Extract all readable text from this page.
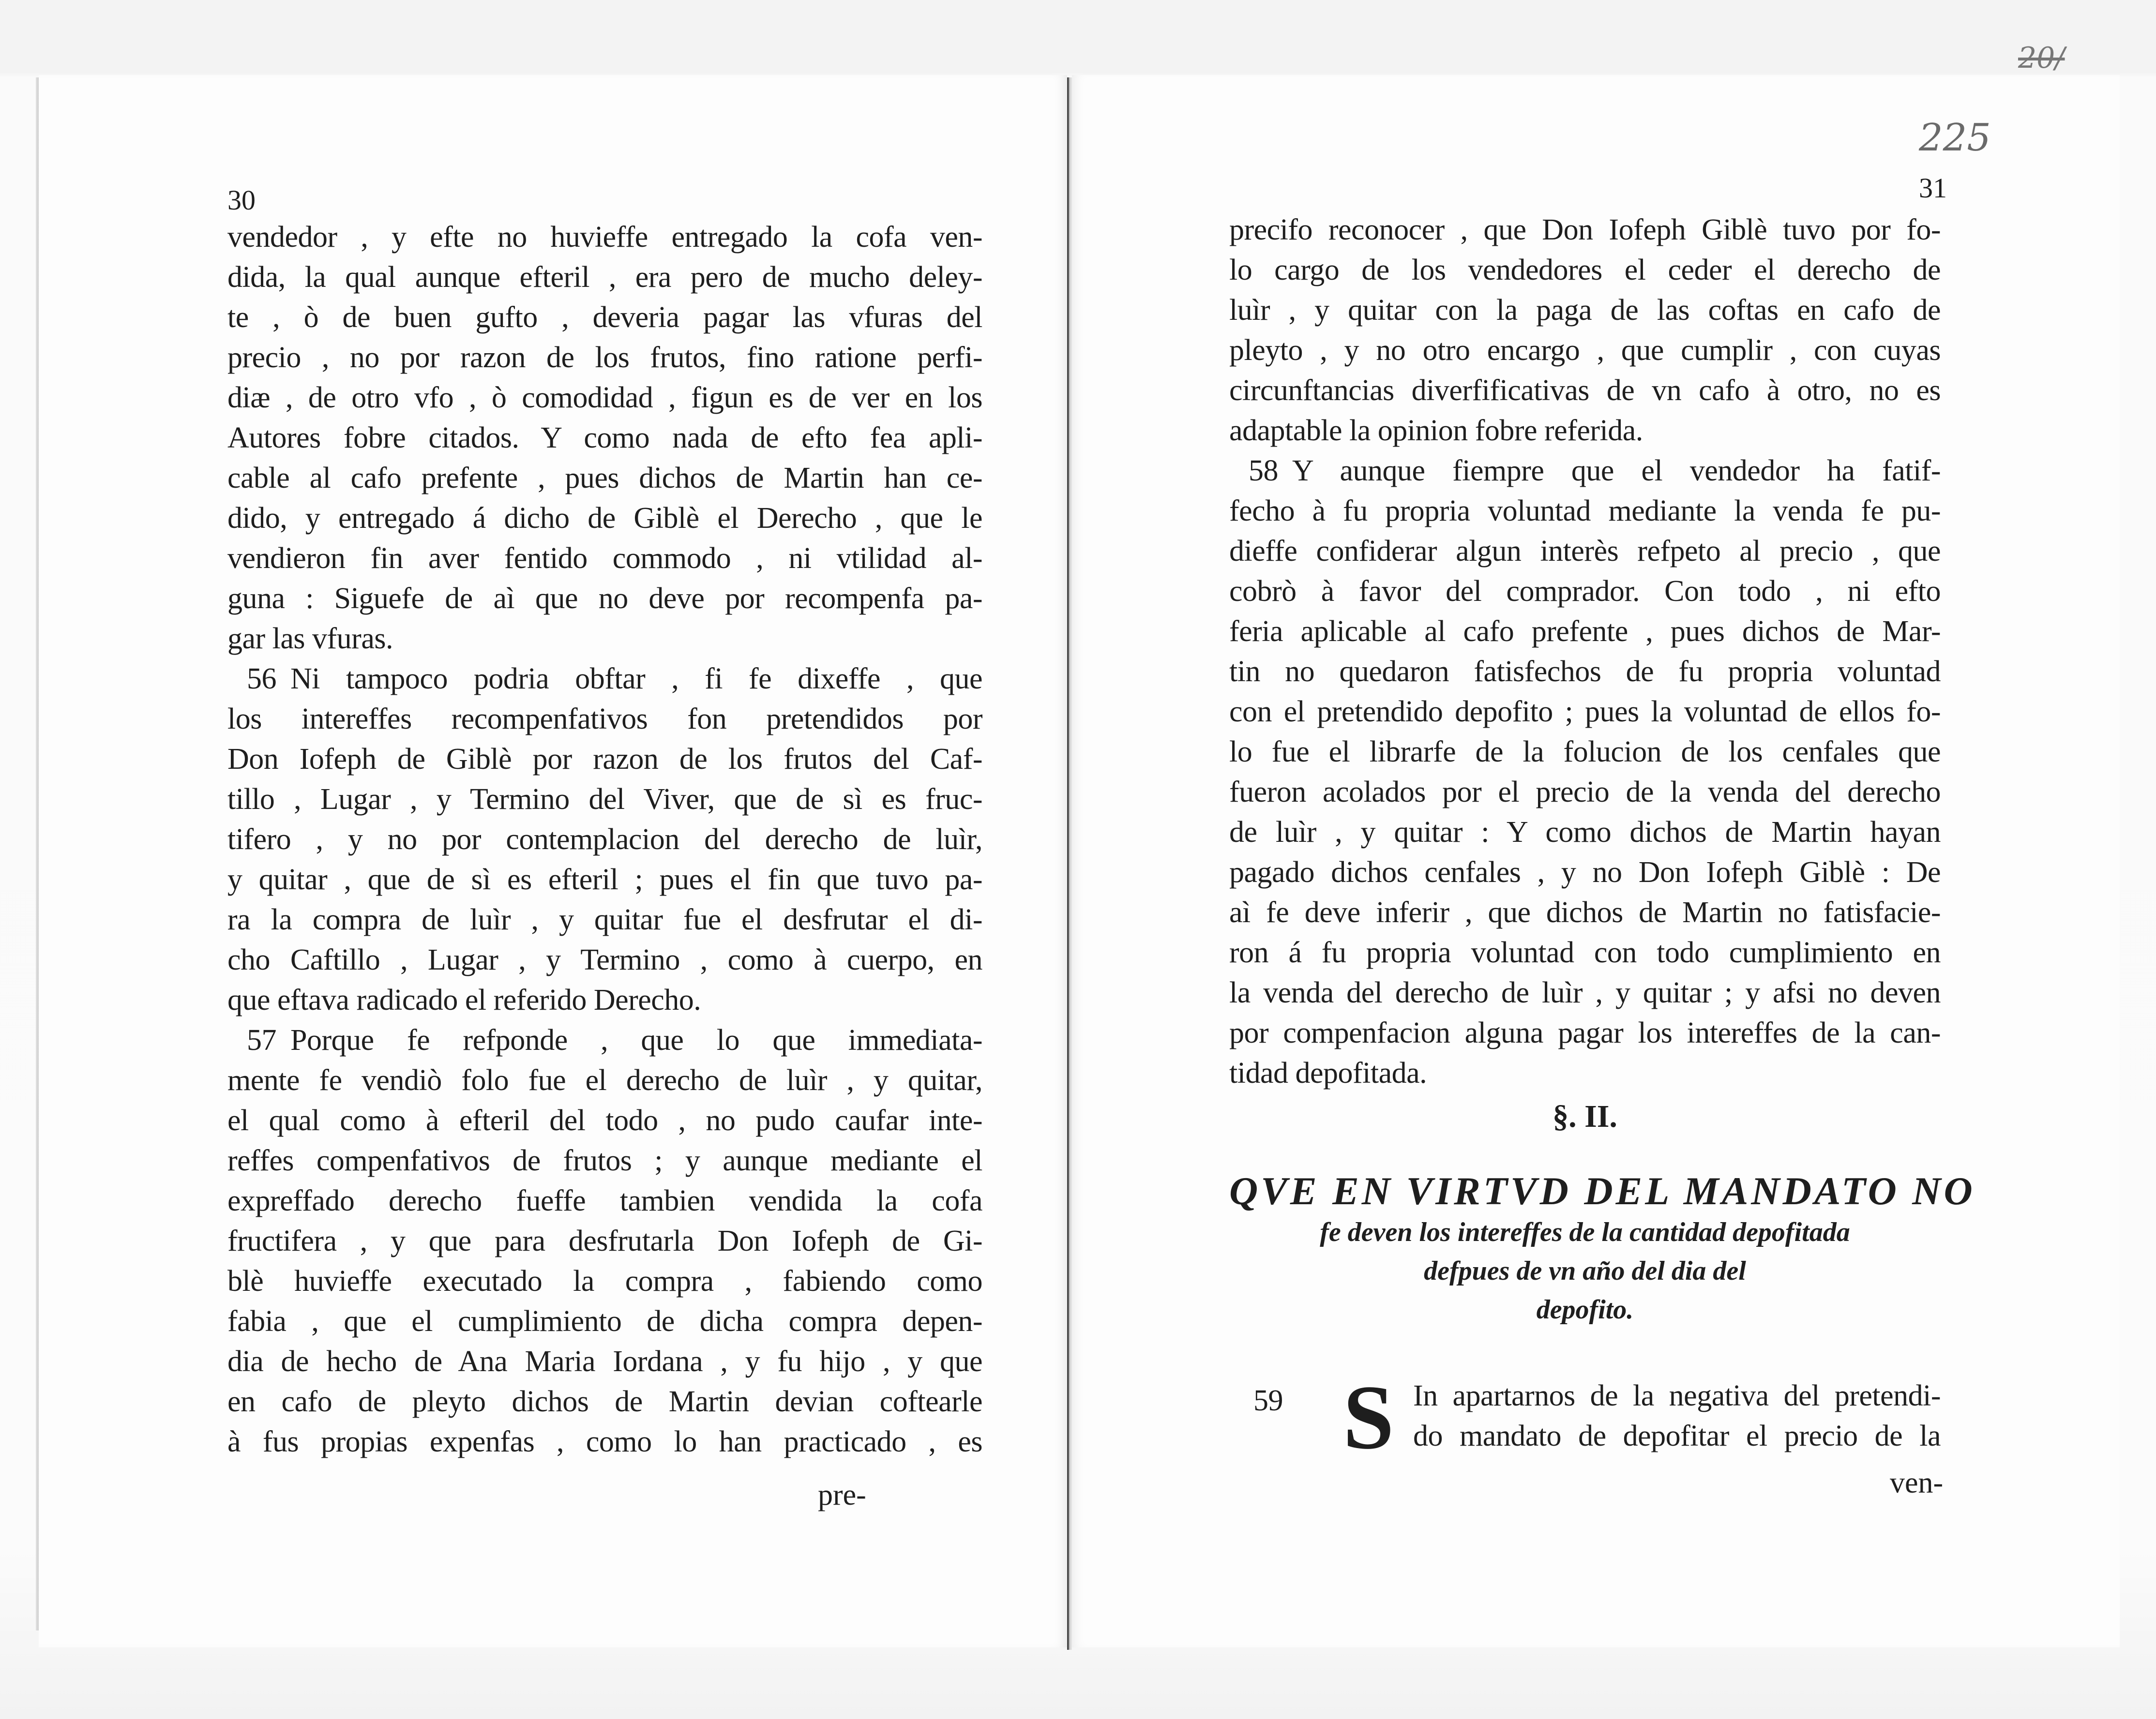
30
vendedor , y efte no huvieffe entregado la cofa ven-
dida, la qual aunque efteril , era pero de mucho deley-
te , ò de buen gufto , deveria pagar las vfuras del
precio , no por razon de los frutos, fino ratione perfi-
diæ , de otro vfo , ò comodidad , figun es de ver en los
Autores fobre citados. Y como nada de efto fea apli-
cable al cafo prefente , pues dichos de Martin han ce-
dido, y entregado á dicho de Giblè el Derecho , que le
vendieron fin aver fentido commodo , ni vtilidad al-
guna : Siguefe de aì que no deve por recompenfa pa-
gar las vfuras.
56 Ni tampoco podria obftar , fi fe dixeffe , que
los intereffes recompenfativos fon pretendidos por
Don Iofeph de Giblè por razon de los frutos del Caf-
tillo , Lugar , y Termino del Viver, que de sì es fruc-
tifero , y no por contemplacion del derecho de luìr,
y quitar , que de sì es efteril ; pues el fin que tuvo pa-
ra la compra de luìr , y quitar fue el desfrutar el di-
cho Caftillo , Lugar , y Termino , como à cuerpo, en
que eftava radicado el referido Derecho.
57 Porque fe refponde , que lo que immediata-
mente fe vendiò folo fue el derecho de luìr , y quitar,
el qual como à efteril del todo , no pudo caufar inte-
reffes compenfativos de frutos ; y aunque mediante el
expreffado derecho fueffe tambien vendida la cofa
fructifera , y que para desfrutarla Don Iofeph de Gi-
blè huvieffe executado la compra , fabiendo como
fabia , que el cumplimiento de dicha compra depen-
dia de hecho de Ana Maria Iordana , y fu hijo , y que
en cafo de pleyto dichos de Martin devian coftearle
à fus propias expenfas , como lo han practicado , es
pre-
20/
225
31
precifo reconocer , que Don Iofeph Giblè tuvo por fo-
lo cargo de los vendedores el ceder el derecho de
luìr , y quitar con la paga de las coftas en cafo de
pleyto , y no otro encargo , que cumplir , con cuyas
circunftancias diverfificativas de vn cafo à otro, no es
adaptable la opinion fobre referida.
58 Y aunque fiempre que el vendedor ha fatif-
fecho à fu propria voluntad mediante la venda fe pu-
dieffe confiderar algun interès refpeto al precio , que
cobrò à favor del comprador. Con todo , ni efto
feria aplicable al cafo prefente , pues dichos de Mar-
tin no quedaron fatisfechos de fu propria voluntad
con el pretendido depofito ; pues la voluntad de ellos fo-
lo fue el librarfe de la folucion de los cenfales que
fueron acolados por el precio de la venda del derecho
de luìr , y quitar : Y como dichos de Martin hayan
pagado dichos cenfales , y no Don Iofeph Giblè : De
aì fe deve inferir , que dichos de Martin no fatisfacie-
ron á fu propria voluntad con todo cumplimiento en
la venda del derecho de luìr , y quitar ; y afsi no deven
por compenfacion alguna pagar los intereffes de la can-
tidad depofitada.
§. II.
QVE EN VIRTVD DEL MANDATO NO
fe deven los intereffes de la cantidad depofitada
defpues de vn año del dia del
depofito.
59 S In apartarnos de la negativa del pretendi-
do mandato de depofitar el precio de la
ven-
